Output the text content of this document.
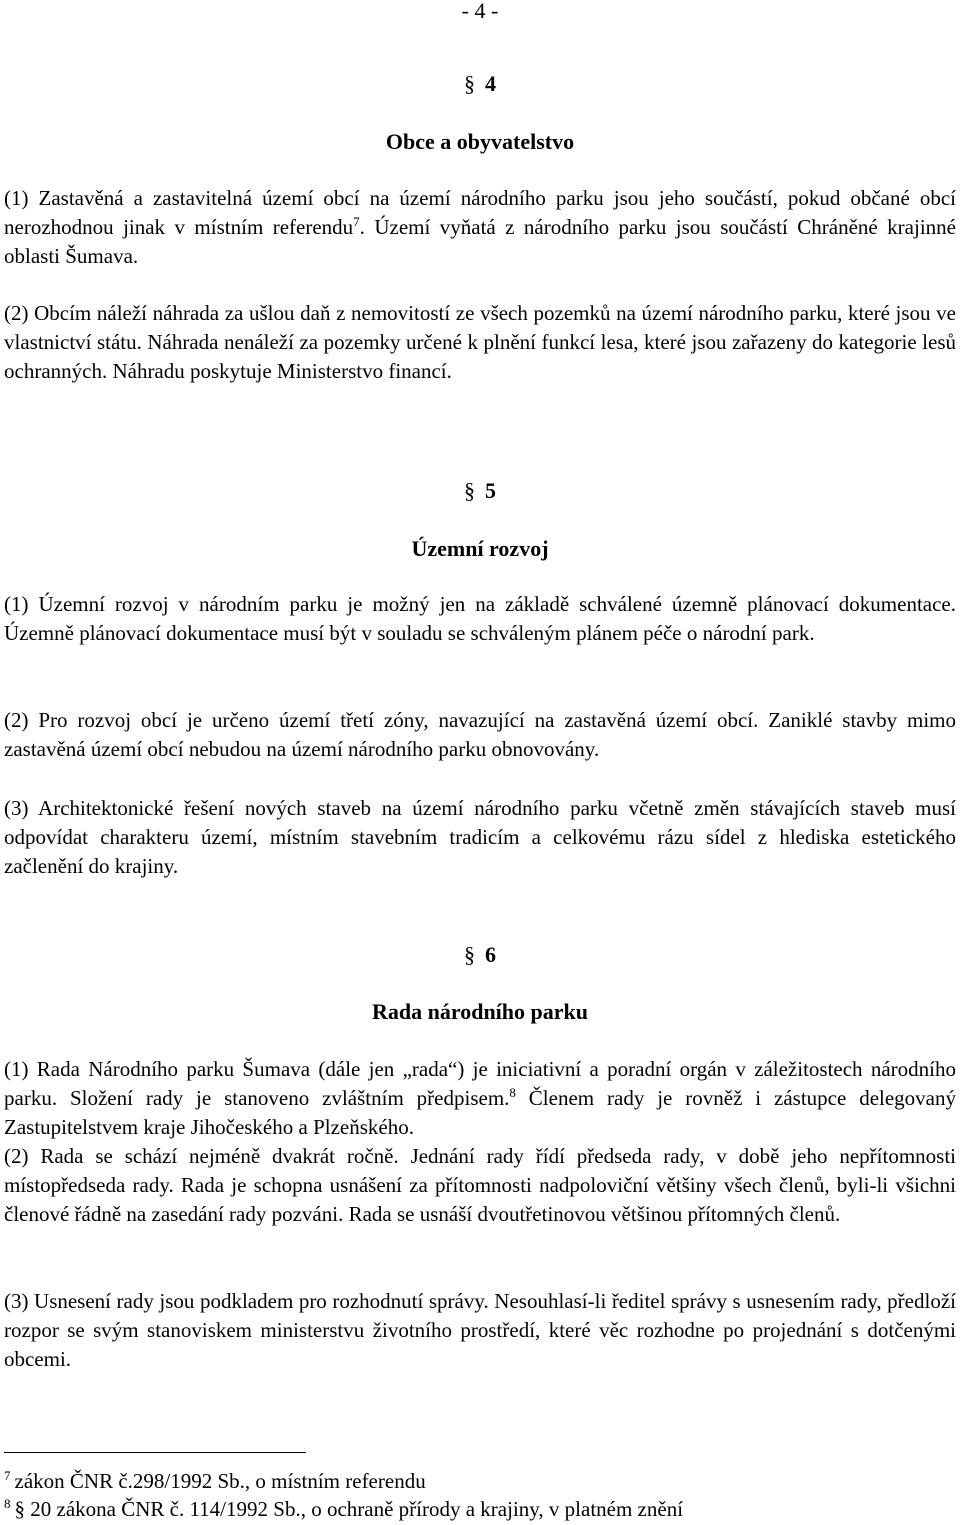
- 4 -
§ 4
Obce a obyvatelstvo

(1) Zastavěná a zastavitelná území obcí na území národního parku jsou jeho součástí, pokud občané obcí nerozhodnou jinak v místním referendu$^7$. Území vyňatá z národního parku jsou součástí Chráněné krajinné oblasti Šumava.

(2) Obcím náleží náhrada za ušlou daň z nemovitostí ze všech pozemků na území národního parku, které jsou ve vlastnictví státu. Náhrada nenáleží za pozemky určené k plnění funkcí lesa, které jsou zařazeny do kategorie lesů ochranných. Náhradu poskytuje Ministerstvo financí.

§ 5
Územní rozvoj

(1) Územní rozvoj v národním parku je možný jen na základě schválené územně plánovací dokumentace. Územně plánovací dokumentace musí být v souladu se schváleným plánem péče o národní park.

(2) Pro rozvoj obcí je určeno území třetí zóny, navazující na zastavěná území obcí. Zaniklé stavby mimo zastavěná území obcí nebudou na území národního parku obnovovány.

(3) Architektonické řešení nových staveb na území národního parku včetně změn stávajících staveb musí odpovídat charakteru území, místním stavebním tradicím a celkovému rázu sídel z hlediska estetického začlenění do krajiny.

§ 6
Rada národního parku

(1) Rada Národního parku Šumava (dále jen „rada“) je iniciativní a poradní orgán v záležitostech národního parku. Složení rady je stanoveno zvláštním předpisem.$^8$ Členem rady je rovněž i zástupce delegovaný Zastupitelstvem kraje Jihočeského a Plzeňského.

(2) Rada se schází nejméně dvakrát ročně. Jednání rady řídí předseda rady, v době jeho nepřítomnosti místopředseda rady. Rada je schopna usnášení za přítomnosti nadpoloviční většiny všech členů, byli-li všichni členové řádně na zasedání rady pozváni. Rada se usnáší dvoutřetinovou většinou přítomných členů.

(3) Usnesení rady jsou podkladem pro rozhodnutí správy. Nesouhlasí-li ředitel správy s usnesením rady, předloží rozpor se svým stanoviskem ministerstvu životního prostředí, které věc rozhodne po projednání s dotčenými obcemi.

$^7$ zákon ČNR č.298/1992 Sb., o místním referendu
$^8$ § 20 zákona ČNR č. 114/1992 Sb., o ochraně přírody a krajiny, v platném znění
